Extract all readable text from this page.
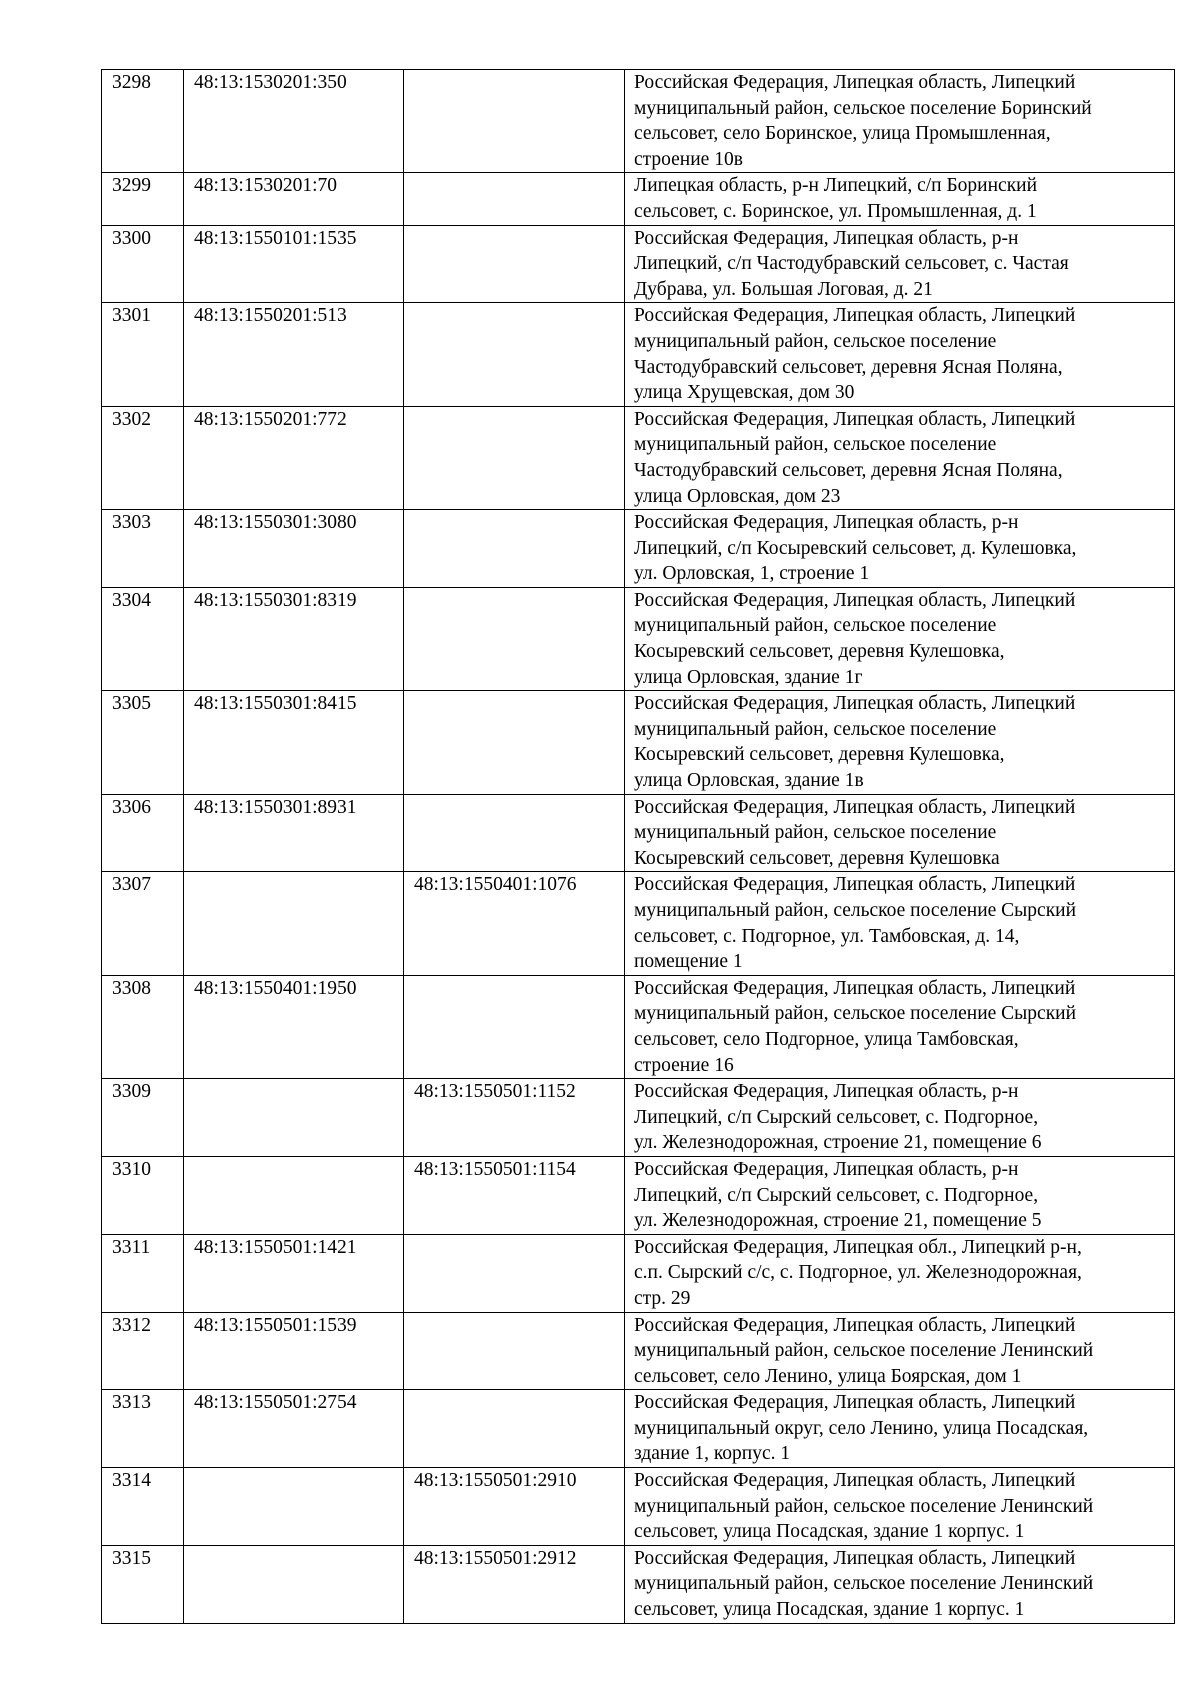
3298	48:13:1530201:350		Российская Федерация, Липецкая область, Липецкий
муниципальный район, сельское поселение Боринский
сельсовет, село Боринское, улица Промышленная,
строение 10в
3299	48:13:1530201:70		Липецкая область, р-н Липецкий, с/п Боринский
сельсовет, с. Боринское, ул. Промышленная, д. 1
3300	48:13:1550101:1535		Российская Федерация, Липецкая область, р-н
Липецкий, с/п Частодубравский сельсовет, с. Частая
Дубрава, ул. Большая Логовая, д. 21
3301	48:13:1550201:513		Российская Федерация, Липецкая область, Липецкий
муниципальный район, сельское поселение
Частодубравский сельсовет, деревня Ясная Поляна,
улица Хрущевская, дом 30
3302	48:13:1550201:772		Российская Федерация, Липецкая область, Липецкий
муниципальный район, сельское поселение
Частодубравский сельсовет, деревня Ясная Поляна,
улица Орловская, дом 23
3303	48:13:1550301:3080		Российская Федерация, Липецкая область, р-н
Липецкий, с/п Косыревский сельсовет, д. Кулешовка,
ул. Орловская, 1, строение 1
3304	48:13:1550301:8319		Российская Федерация, Липецкая область, Липецкий
муниципальный район, сельское поселение
Косыревский сельсовет, деревня Кулешовка,
улица Орловская, здание 1г
3305	48:13:1550301:8415		Российская Федерация, Липецкая область, Липецкий
муниципальный район, сельское поселение
Косыревский сельсовет, деревня Кулешовка,
улица Орловская, здание 1в
3306	48:13:1550301:8931		Российская Федерация, Липецкая область, Липецкий
муниципальный район, сельское поселение
Косыревский сельсовет, деревня Кулешовка
3307		48:13:1550401:1076	Российская Федерация, Липецкая область, Липецкий
муниципальный район, сельское поселение Сырский
сельсовет, с. Подгорное, ул. Тамбовская, д. 14,
помещение 1
3308	48:13:1550401:1950		Российская Федерация, Липецкая область, Липецкий
муниципальный район, сельское поселение Сырский
сельсовет, село Подгорное, улица Тамбовская,
строение 16
3309		48:13:1550501:1152	Российская Федерация, Липецкая область, р-н
Липецкий, с/п Сырский сельсовет, с. Подгорное,
ул. Железнодорожная, строение 21, помещение 6
3310		48:13:1550501:1154	Российская Федерация, Липецкая область, р-н
Липецкий, с/п Сырский сельсовет, с. Подгорное,
ул. Железнодорожная, строение 21, помещение 5
3311	48:13:1550501:1421		Российская Федерация, Липецкая обл., Липецкий р-н,
с.п. Сырский с/с, с. Подгорное, ул. Железнодорожная,
стр. 29
3312	48:13:1550501:1539		Российская Федерация, Липецкая область, Липецкий
муниципальный район, сельское поселение Ленинский
сельсовет, село Ленино, улица Боярская, дом 1
3313	48:13:1550501:2754		Российская Федерация, Липецкая область, Липецкий
муниципальный округ, село Ленино, улица Посадская,
здание 1, корпус. 1
3314		48:13:1550501:2910	Российская Федерация, Липецкая область, Липецкий
муниципальный район, сельское поселение Ленинский
сельсовет, улица Посадская, здание 1 корпус. 1
3315		48:13:1550501:2912	Российская Федерация, Липецкая область, Липецкий
муниципальный район, сельское поселение Ленинский
сельсовет, улица Посадская, здание 1 корпус. 1
